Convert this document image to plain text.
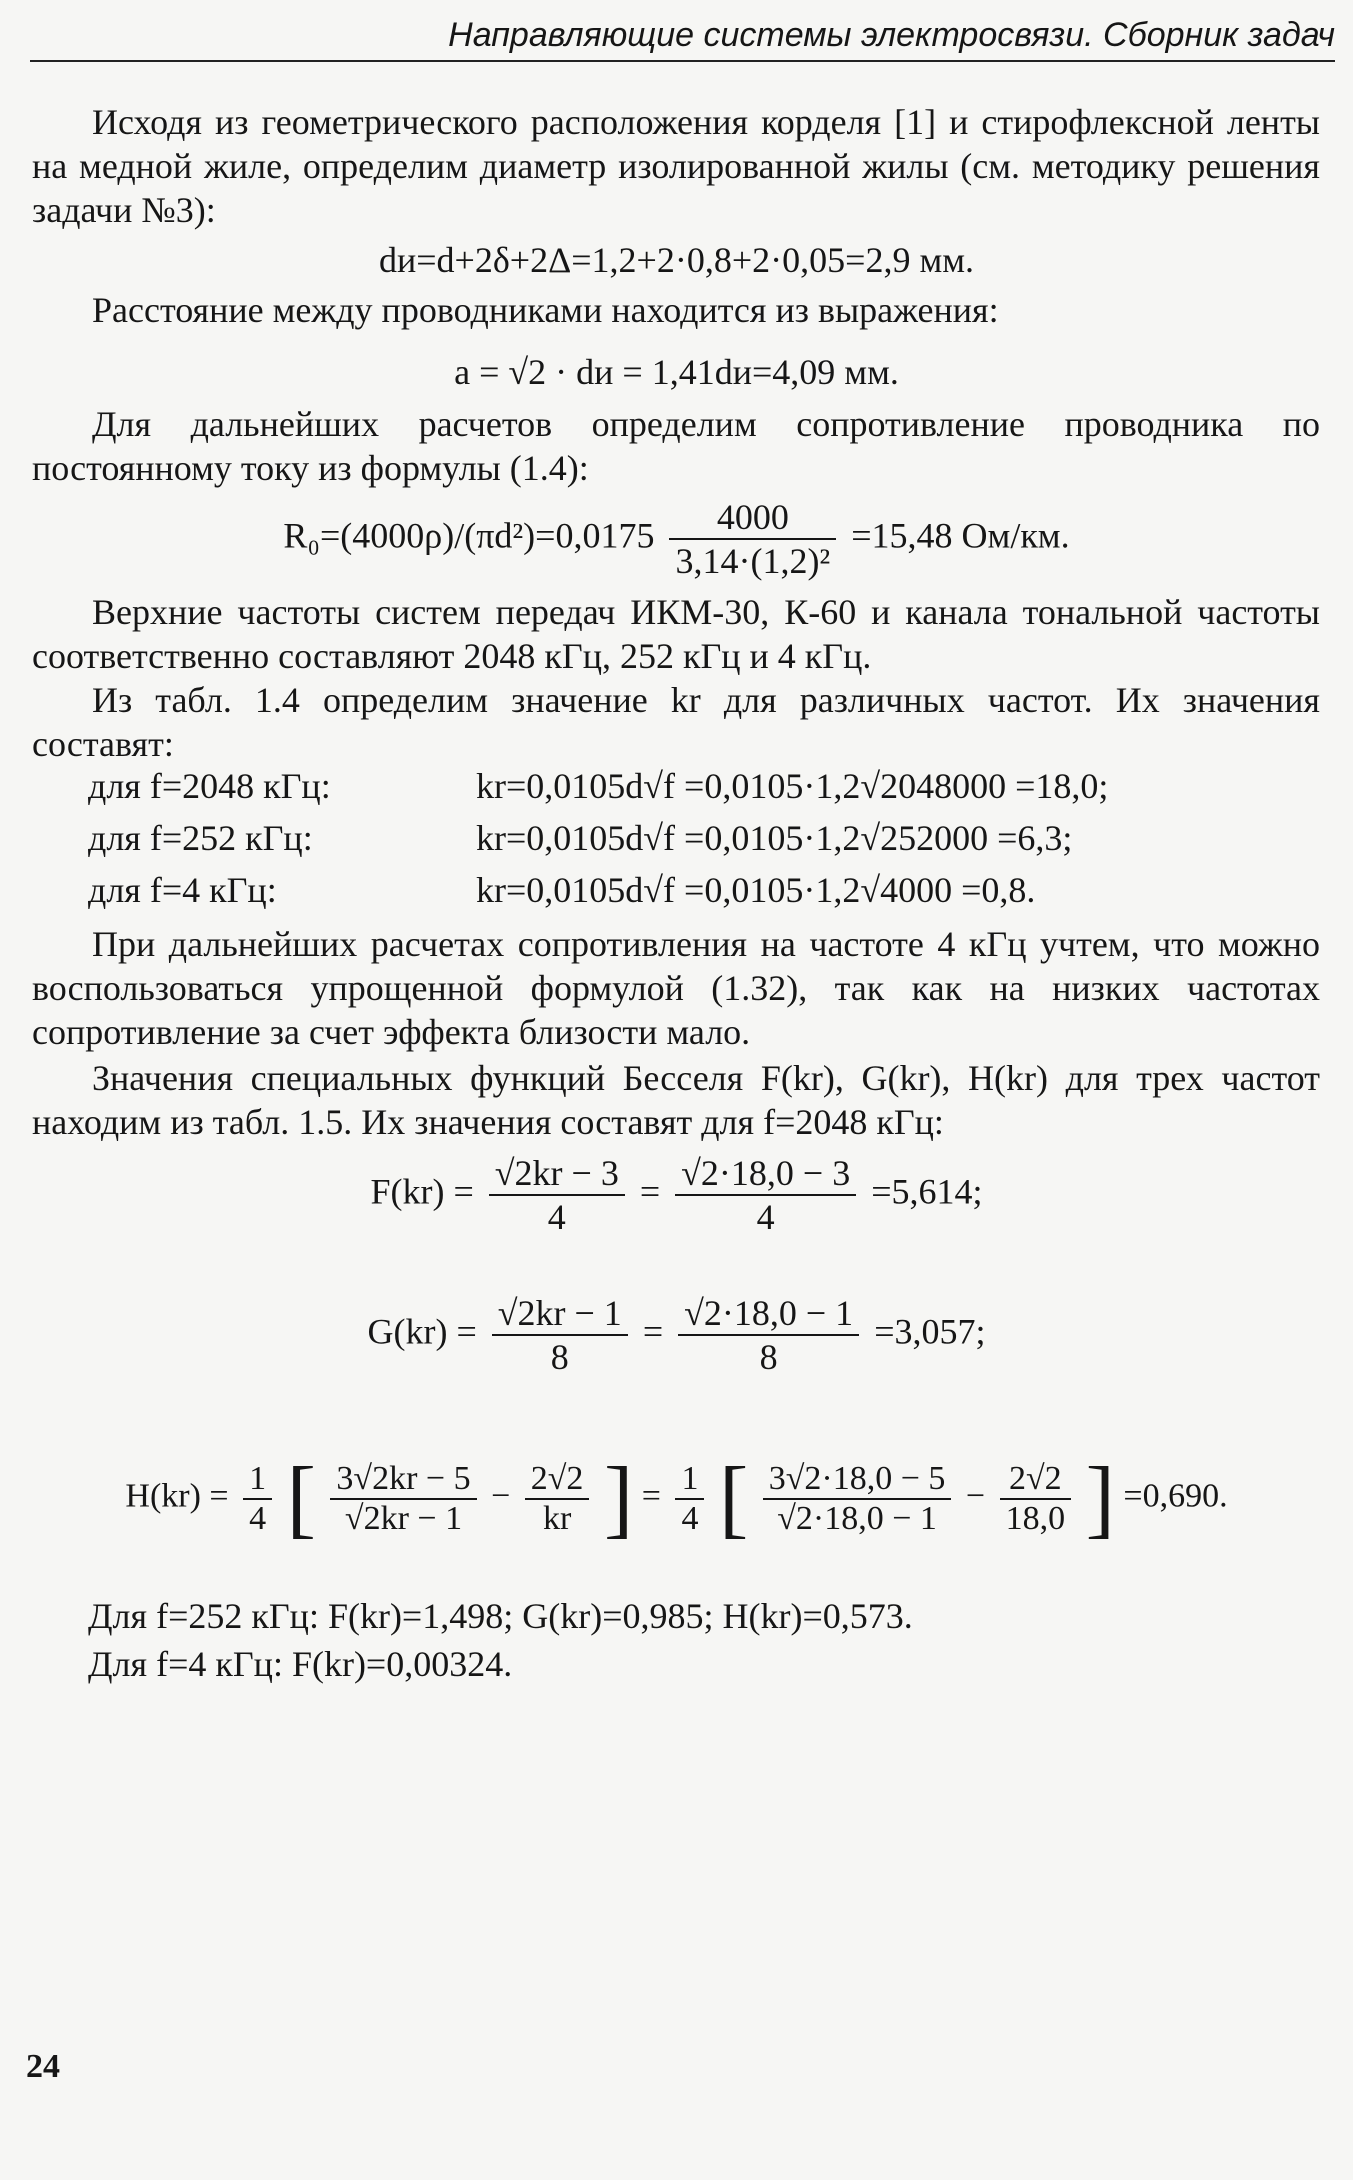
Направляющие системы электросвязи. Сборник задач
Исходя из геометрического расположения корделя [1] и стирофлексной ленты на медной жиле, определим диаметр изолированной жилы (см. методику решения задачи №3):
dи=d+2δ+2Δ=1,2+2·0,8+2·0,05=2,9 мм.
Расстояние между проводниками находится из выражения:
a = √2 · dи = 1,41dи=4,09 мм.
Для дальнейших расчетов определим сопротивление проводника по постоянному току из формулы (1.4):
$R_0=(4000\rho)/(\pi d^2)=0,0175 \frac{4000}{\text{3,14·(1,2)²}} =15,48$ Ом/км.
Верхние частоты систем передач ИКМ-30, К-60 и канала тональной частоты соответственно составляют 2048 кГц, 252 кГц и 4 кГц.
Из табл. 1.4 определим значение kr для различных частот. Их значения составят:
для f=2048 кГц:	kr=0,0105d√f =0,0105·1,2√2048000 =18,0;
для f=252 кГц:	kr=0,0105d√f =0,0105·1,2√252000 =6,3;
для f=4 кГц:	kr=0,0105d√f =0,0105·1,2√4000 =0,8.
При дальнейших расчетах сопротивления на частоте 4 кГц учтем, что можно воспользоваться упрощенной формулой (1.32), так как на низких частотах сопротивление за счет эффекта близости мало.
Значения специальных функций Бесселя F(kr), G(kr), H(kr) для трех частот находим из табл. 1.5. Их значения составят для f=2048 кГц:
$F(kr) = \frac{√2kr - 3}{4} = \frac{√2\cdot 18,0 - 3}{4} =5,614$;
$G(kr) = \frac{√2kr - 1}{8} = \frac{√2\cdot 18,0 - 1}{8} =3,057$;
$H(kr) = \frac{1}{4}$ [ $\frac{3√2kr - 5}{√2kr - 1} - \frac{2√2}{kr}$ ] = $\frac{1}{4}$ [ $\frac{3√2\cdot 18,0 - 5}{√2\cdot 18,0 - 1} - \frac{2√2}{18,0}$ ] =0,690.
Для f=252 кГц: F(kr)=1,498; G(kr)=0,985; H(kr)=0,573.
Для f=4 кГц: F(kr)=0,00324.
24
